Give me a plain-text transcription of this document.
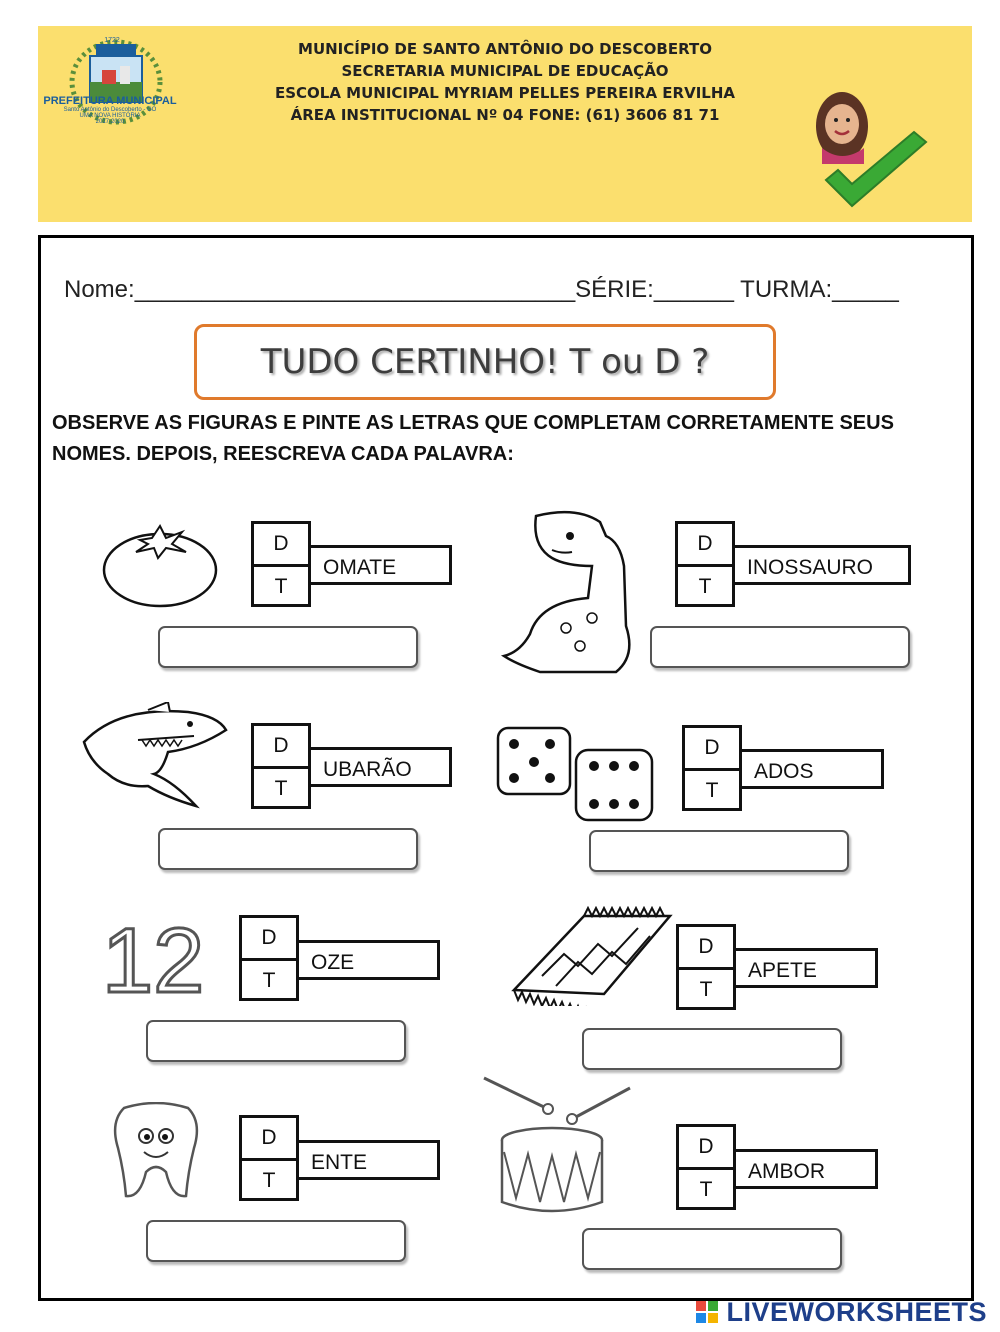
PREFEITURA MUNICIPAL
Santo Antônio do Descoberto - GO
UMA NOVA HISTÓRIA
2017-2020
1722	MUNICÍPIO DE SANTO ANTÔNIO DO DESCOBERTO
SECRETARIA MUNICIPAL DE EDUCAÇÃO
ESCOLA MUNICIPAL MYRIAM PELLES PEREIRA ERVILHA
ÁREA INSTITUCIONAL Nº 04 FONE: (61) 3606 81 71
Nome:_________________________________SÉRIE:______ TURMA:_____
TUDO CERTINHO! T ou D ?
OBSERVE AS FIGURAS E PINTE AS LETRAS QUE COMPLETAM CORRETAMENTE SEUS
NOMES. DEPOIS, REESCREVA CADA PALAVRA:
D
T
OMATE
D
T
INOSSAURO
D
T
UBARÃO
D
T
ADOS
12	D
T
OZE
D
T
APETE
D
T
ENTE
D
T
AMBOR
LIVEWORKSHEETS
